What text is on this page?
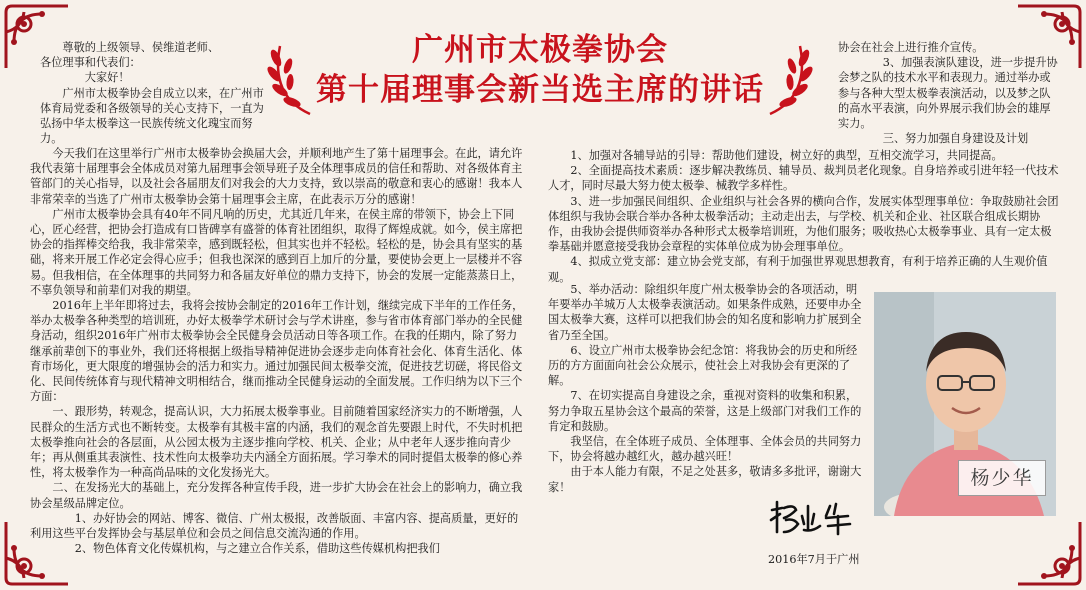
广州市太极拳协会
第十届理事会新当选主席的讲话

尊敬的上级领导、侯维道老师、

各位理事和代表们：

大家好！

广州市太极拳协会自成立以来，在广州市体育局党委和各级领导的关心支持下，一直为弘扬中华太极拳这一民族传统文化瑰宝而努力。

今天我们在这里举行广州市太极拳协会换届大会，并顺利地产生了第十届理事会。在此，请允许我代表第十届理事会全体成员对第九届理事会领导班子及全体理事成员的信任和帮助、对各级体育主管部门的关心指导，以及社会各届朋友们对我会的大力支持，致以崇高的敬意和衷心的感谢！我本人非常荣幸的当选了广州市太极拳协会第十届理事会主席，在此表示万分的感谢！

广州市太极拳协会具有40年不同凡响的历史，尤其近几年来，在侯主席的带领下，协会上下同心，匠心经营，把协会打造成有口皆碑享有盛誉的体育社团组织，取得了辉煌成就。如今，侯主席把协会的指挥棒交给我，我非常荣幸，感到既轻松，但其实也并不轻松。轻松的是，协会具有坚实的基础，将来开展工作必定会得心应手；但我也深深的感到百上加斤的分量，要使协会更上一层楼并不容易。但我相信，在全体理事的共同努力和各届友好单位的鼎力支持下，协会的发展一定能蒸蒸日上，不辜负领导和前辈们对我的期望。

2016年上半年即将过去，我将会按协会制定的2016年工作计划，继续完成下半年的工作任务，举办太极拳各种类型的培训班，办好太极拳学术研讨会与学术讲座，参与省市体育部门举办的全民健身活动，组织2016年广州市太极拳协会全民健身会员活动日等各项工作。在我的任期内，除了努力继承前辈创下的事业外，我们还将根据上级指导精神促进协会逐步走向体育社会化、体育生活化、体育市场化，更大限度的增强协会的活力和实力。通过加强民间太极拳交流，促进技艺切磋，将民俗文化、民间传统体育与现代精神文明相结合，继而推动全民健身运动的全面发展。工作归纳为以下三个方面：

一、跟形势，转观念，提高认识，大力拓展太极拳事业。目前随着国家经济实力的不断增强，人民群众的生活方式也不断转变。太极拳有其极丰富的内涵，我们的观念首先要跟上时代，不失时机把太极拳推向社会的各层面，从公园太极为主逐步推向学校、机关、企业；从中老年人逐步推向青少年；再从侧重其表演性、技术性向太极拳功夫内涵全方面拓展。学习拳术的同时提倡太极拳的修心养性，将太极拳作为一种高尚品味的文化发扬光大。

二、在发扬光大的基础上，充分发挥各种宣传手段，进一步扩大协会在社会上的影响力，确立我协会星级品牌定位。

1、办好协会的网站、博客、微信、广州太极报，改善版面、丰富内容、提高质量，更好的利用这些平台发挥协会与基层单位和会员之间信息交流沟通的作用。

2、物色体育文化传媒机构，与之建立合作关系，借助这些传媒机构把我们

协会在社会上进行推介宣传。

3、加强表演队建设，进一步提升协会梦之队的技术水平和表现力。通过举办或参与各种大型太极拳表演活动，以及梦之队的高水平表演，向外界展示我们协会的雄厚实力。

三、努力加强自身建设及计划

1、加强对各辅导站的引导：帮助他们建设，树立好的典型，互相交流学习，共同提高。

2、全面提高技术素质：逐步解决教练员、辅导员、裁判员老化现象。自身培养或引进年轻一代技术人才，同时尽最大努力使太极拳、械教学多样性。

3、进一步加强民间组织、企业组织与社会各界的横向合作，发展实体型理事单位：争取鼓励社会团体组织与我协会联合举办各种太极拳活动；主动走出去，与学校、机关和企业、社区联合组成长期协作，由我协会提供师资举办各种形式太极拳培训班，为他们服务；吸收热心太极拳事业、具有一定太极拳基础并愿意接受我协会章程的实体单位成为协会理事单位。

4、拟成立党支部：建立协会党支部，有利于加强世界观思想教育，有利于培养正确的人生观价值观。

5、举办活动：除组织年度广州太极拳协会的各项活动，明年要举办羊城万人太极拳表演活动。如果条件成熟，还要申办全国太极拳大赛，这样可以把我们协会的知名度和影响力扩展到全省乃至全国。

6、设立广州市太极拳协会纪念馆：将我协会的历史和所经历的方方面面向社会公众展示，使社会上对我协会有更深的了解。

7、在切实提高自身建设之余，重视对资料的收集和积累，努力争取五星协会这个最高的荣誉，这是上级部门对我们工作的肯定和鼓励。

我坚信，在全体班子成员、全体理事、全体会员的共同努力下，协会将越办越红火，越办越兴旺！

由于本人能力有限，不足之处甚多，敬请多多批评，谢谢大家！	杨少华
2016年7月于广州
